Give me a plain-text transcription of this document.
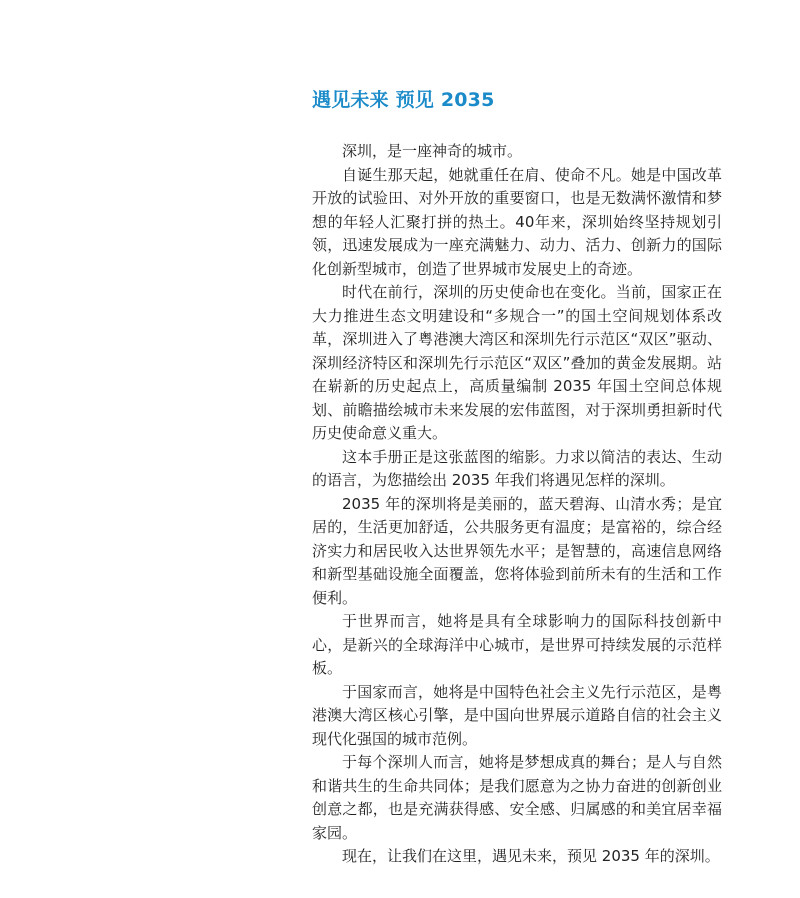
遇见未来 预见 2035

深圳，是一座神奇的城市。

自诞生那天起，她就重任在肩、使命不凡。她是中国改革开放的试验田、对外开放的重要窗口，也是无数满怀激情和梦想的年轻人汇聚打拼的热土。40年来，深圳始终坚持规划引领，迅速发展成为一座充满魅力、动力、活力、创新力的国际化创新型城市，创造了世界城市发展史上的奇迹。

时代在前行，深圳的历史使命也在变化。当前，国家正在大力推进生态文明建设和“多规合一”的国土空间规划体系改革，深圳进入了粤港澳大湾区和深圳先行示范区“双区”驱动、深圳经济特区和深圳先行示范区“双区”叠加的黄金发展期。站在崭新的历史起点上，高质量编制 2035 年国土空间总体规划、前瞻描绘城市未来发展的宏伟蓝图，对于深圳勇担新时代历史使命意义重大。

这本手册正是这张蓝图的缩影。力求以简洁的表达、生动的语言，为您描绘出 2035 年我们将遇见怎样的深圳。

2035 年的深圳将是美丽的，蓝天碧海、山清水秀；是宜居的，生活更加舒适，公共服务更有温度；是富裕的，综合经济实力和居民收入达世界领先水平；是智慧的，高速信息网络和新型基础设施全面覆盖，您将体验到前所未有的生活和工作便利。

于世界而言，她将是具有全球影响力的国际科技创新中心，是新兴的全球海洋中心城市，是世界可持续发展的示范样板。

于国家而言，她将是中国特色社会主义先行示范区，是粤港澳大湾区核心引擎，是中国向世界展示道路自信的社会主义现代化强国的城市范例。

于每个深圳人而言，她将是梦想成真的舞台；是人与自然和谐共生的生命共同体；是我们愿意为之协力奋进的创新创业创意之都，也是充满获得感、安全感、归属感的和美宜居幸福家园。

现在，让我们在这里，遇见未来，预见 2035 年的深圳。
